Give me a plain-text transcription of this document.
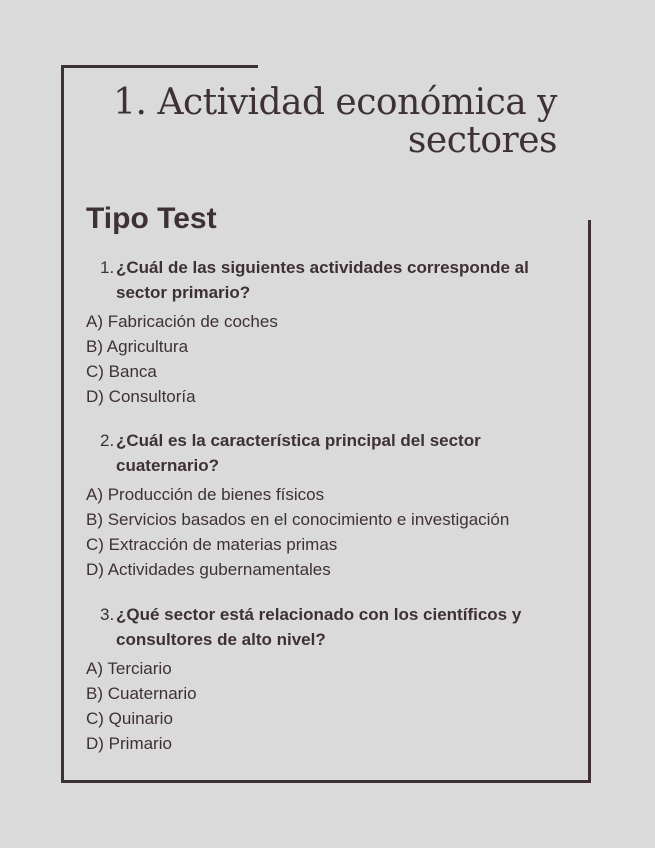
1. Actividad económica y
sectores
Tipo Test
1. ¿Cuál de las siguientes actividades corresponde al sector primario?
A) Fabricación de coches
B) Agricultura
C) Banca
D) Consultoría
2. ¿Cuál es la característica principal del sector cuaternario?
A) Producción de bienes físicos
B) Servicios basados en el conocimiento e investigación
C) Extracción de materias primas
D) Actividades gubernamentales
3. ¿Qué sector está relacionado con los científicos y consultores de alto nivel?
A) Terciario
B) Cuaternario
C) Quinario
D) Primario
